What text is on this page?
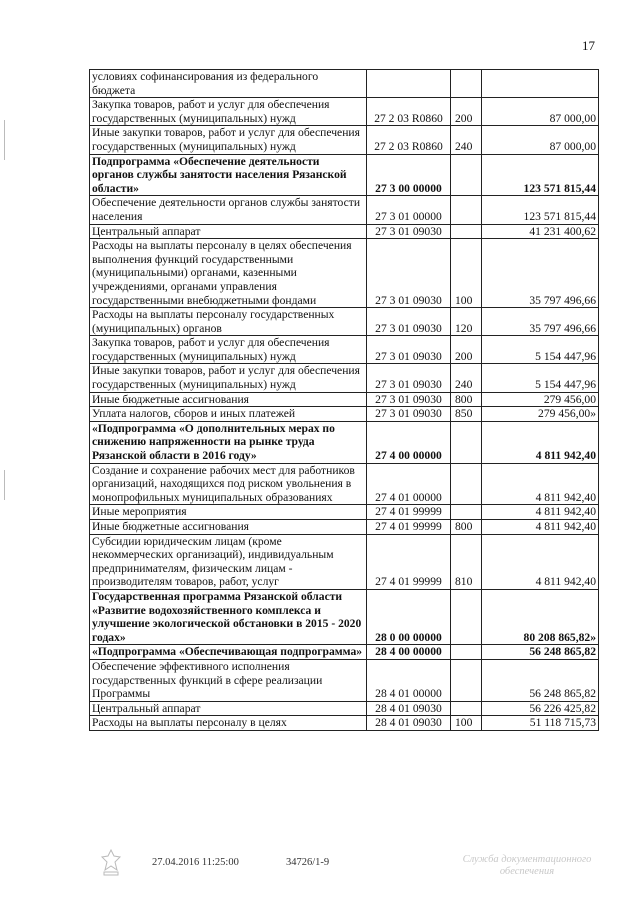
17
условиях софинансирования из федерального бюджета			
Закупка товаров, работ и услуг для обеспечения государственных (муниципальных) нужд	27 2 03 R0860	200	87 000,00
Иные закупки товаров, работ и услуг для обеспечения государственных (муниципальных) нужд	27 2 03 R0860	240	87 000,00
Подпрограмма «Обеспечение деятельности органов службы занятости населения Рязанской области»	27 3 00 00000		123 571 815,44
Обеспечение деятельности органов службы занятости населения	27 3 01 00000		123 571 815,44
Центральный аппарат	27 3 01 09030		41 231 400,62
Расходы на выплаты персоналу в целях обеспечения выполнения функций государственными (муниципальными) органами, казенными учреждениями, органами управления государственными внебюджетными фондами	27 3 01 09030	100	35 797 496,66
Расходы на выплаты персоналу государственных (муниципальных) органов	27 3 01 09030	120	35 797 496,66
Закупка товаров, работ и услуг для обеспечения государственных (муниципальных) нужд	27 3 01 09030	200	5 154 447,96
Иные закупки товаров, работ и услуг для обеспечения государственных (муниципальных) нужд	27 3 01 09030	240	5 154 447,96
Иные бюджетные ассигнования	27 3 01 09030	800	279 456,00
Уплата налогов, сборов и иных платежей	27 3 01 09030	850	279 456,00»
«Подпрограмма «О дополнительных мерах по снижению напряженности на рынке труда Рязанской области в 2016 году»	27 4 00 00000		4 811 942,40
Создание и сохранение рабочих мест для работников организаций, находящихся под риском увольнения в монопрофильных муниципальных образованиях	27 4 01 00000		4 811 942,40
Иные мероприятия	27 4 01 99999		4 811 942,40
Иные бюджетные ассигнования	27 4 01 99999	800	4 811 942,40
Субсидии юридическим лицам (кроме некоммерческих организаций), индивидуальным предпринимателям, физическим лицам - производителям товаров, работ, услуг	27 4 01 99999	810	4 811 942,40
Государственная программа Рязанской области «Развитие водохозяйственного комплекса и улучшение экологической обстановки в 2015 - 2020 годах»	28 0 00 00000		80 208 865,82»
«Подпрограмма «Обеспечивающая подпрограмма»	28 4 00 00000		56 248 865,82
Обеспечение эффективного исполнения государственных функций в сфере реализации Программы	28 4 01 00000		56 248 865,82
Центральный аппарат	28 4 01 09030		56 226 425,82
Расходы на выплаты персоналу в целях	28 4 01 09030	100	51 118 715,73
27.04.2016 11:25:00	34726/1-9	Служба документационного обеспечения
